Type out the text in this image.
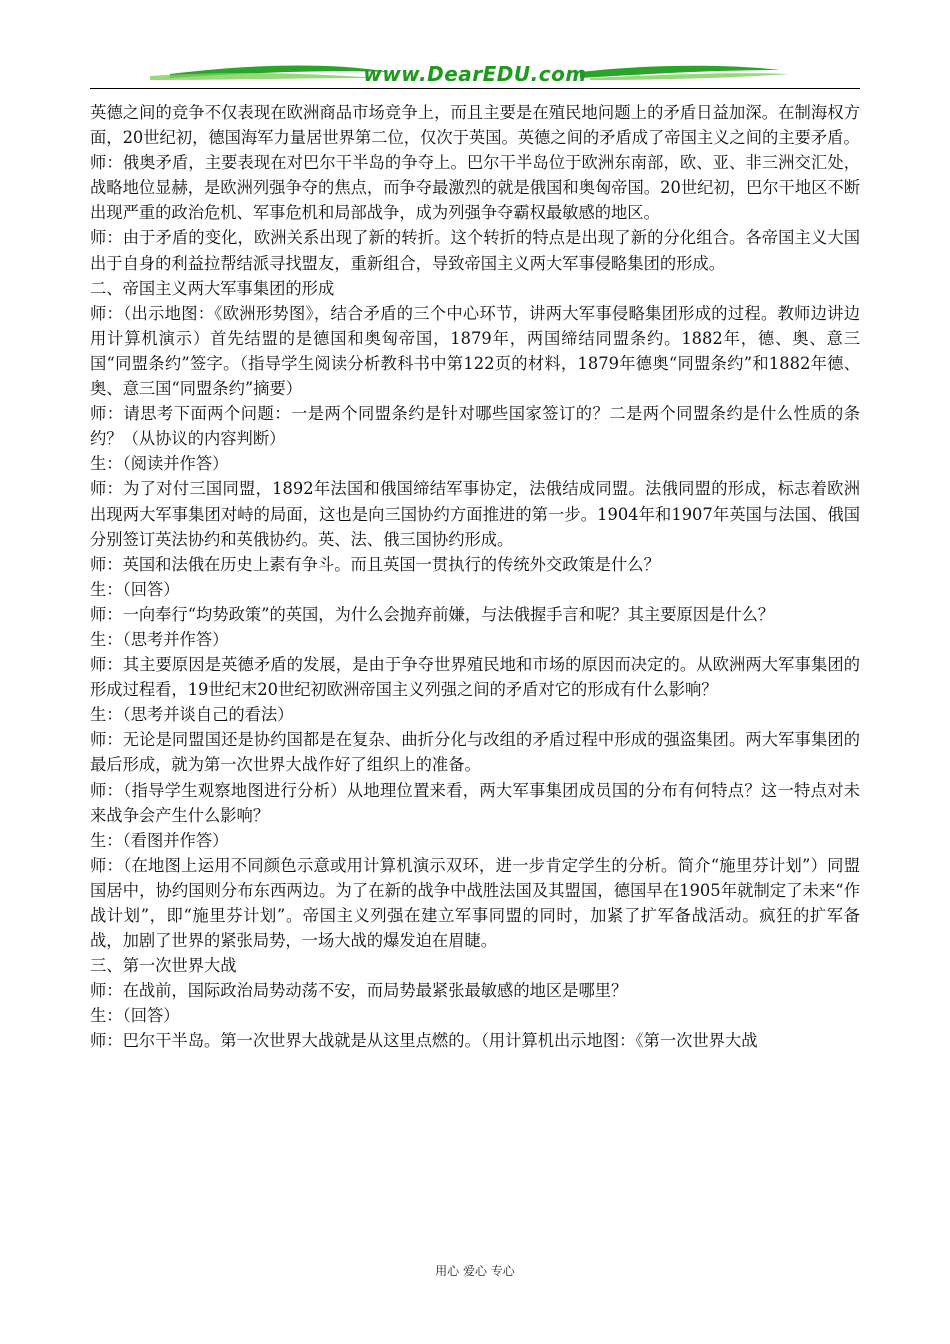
www.DearEDU.com

英德之间的竞争不仅表现在欧洲商品市场竞争上，而且主要是在殖民地问题上的矛盾日益加深。在制海权方面，20世纪初，德国海军力量居世界第二位，仅次于英国。英德之间的矛盾成了帝国主义之间的主要矛盾。

师：俄奥矛盾，主要表现在对巴尔干半岛的争夺上。巴尔干半岛位于欧洲东南部，欧、亚、非三洲交汇处，战略地位显赫，是欧洲列强争夺的焦点，而争夺最激烈的就是俄国和奥匈帝国。20世纪初，巴尔干地区不断出现严重的政治危机、军事危机和局部战争，成为列强争夺霸权最敏感的地区。

师：由于矛盾的变化，欧洲关系出现了新的转折。这个转折的特点是出现了新的分化组合。各帝国主义大国出于自身的利益拉帮结派寻找盟友，重新组合，导致帝国主义两大军事侵略集团的形成。

二、帝国主义两大军事集团的形成

师：（出示地图：《欧洲形势图》，结合矛盾的三个中心环节，讲两大军事侵略集团形成的过程。教师边讲边用计算机演示）首先结盟的是德国和奥匈帝国，1879年，两国缔结同盟条约。1882年，德、奥、意三国“同盟条约”签字。（指导学生阅读分析教科书中第122页的材料，1879年德奥“同盟条约”和1882年德、奥、意三国“同盟条约”摘要）

师：请思考下面两个问题：一是两个同盟条约是针对哪些国家签订的？二是两个同盟条约是什么性质的条约？（从协议的内容判断）

生：（阅读并作答）

师：为了对付三国同盟，1892年法国和俄国缔结军事协定，法俄结成同盟。法俄同盟的形成，标志着欧洲出现两大军事集团对峙的局面，这也是向三国协约方面推进的第一步。1904年和1907年英国与法国、俄国分别签订英法协约和英俄协约。英、法、俄三国协约形成。

师：英国和法俄在历史上素有争斗。而且英国一贯执行的传统外交政策是什么？

生：（回答）

师：一向奉行“均势政策”的英国，为什么会抛弃前嫌，与法俄握手言和呢？其主要原因是什么？

生：（思考并作答）

师：其主要原因是英德矛盾的发展，是由于争夺世界殖民地和市场的原因而决定的。从欧洲两大军事集团的形成过程看，19世纪末20世纪初欧洲帝国主义列强之间的矛盾对它的形成有什么影响？

生：（思考并谈自己的看法）

师：无论是同盟国还是协约国都是在复杂、曲折分化与改组的矛盾过程中形成的强盗集团。两大军事集团的最后形成，就为第一次世界大战作好了组织上的准备。

师：（指导学生观察地图进行分析）从地理位置来看，两大军事集团成员国的分布有何特点？这一特点对未来战争会产生什么影响？

生：（看图并作答）

师：（在地图上运用不同颜色示意或用计算机演示双环，进一步肯定学生的分析。简介“施里芬计划”）同盟国居中，协约国则分布东西两边。为了在新的战争中战胜法国及其盟国，德国早在1905年就制定了未来“作战计划”，即“施里芬计划”。帝国主义列强在建立军事同盟的同时，加紧了扩军备战活动。疯狂的扩军备战，加剧了世界的紧张局势，一场大战的爆发迫在眉睫。

三、第一次世界大战

师：在战前，国际政治局势动荡不安，而局势最紧张最敏感的地区是哪里？

生：（回答）

师：巴尔干半岛。第一次世界大战就是从这里点燃的。（用计算机出示地图：《第一次世界大战

用心 爱心 专心
